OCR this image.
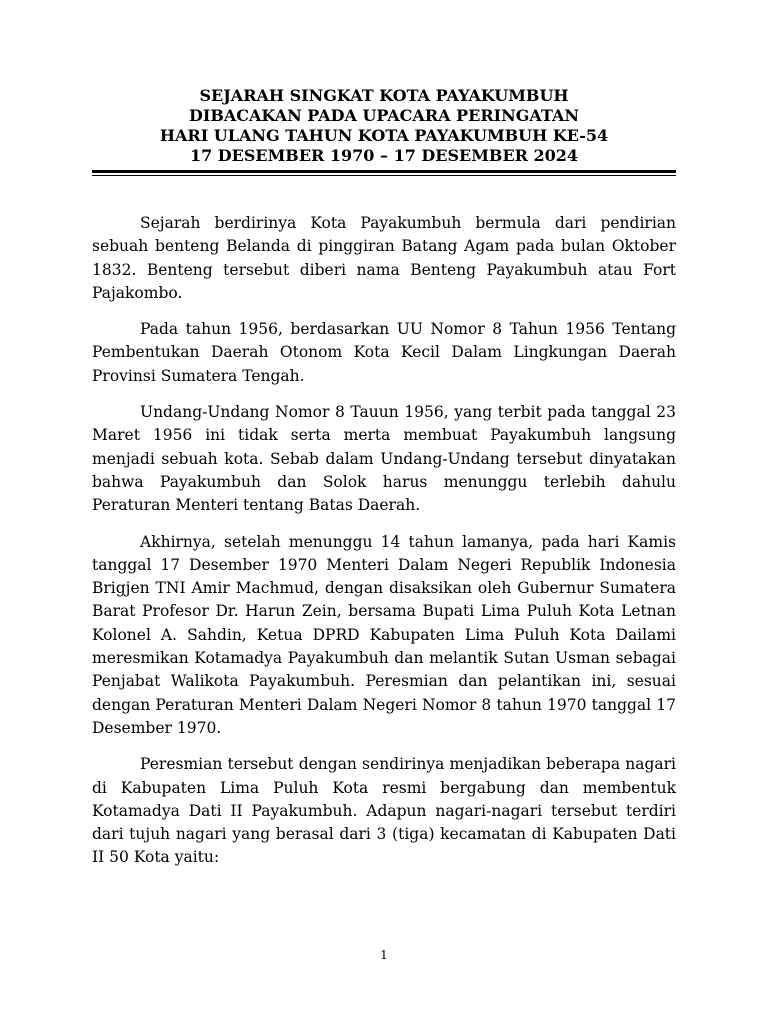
SEJARAH SINGKAT KOTA PAYAKUMBUH
DIBACAKAN PADA UPACARA PERINGATAN
HARI ULANG TAHUN KOTA PAYAKUMBUH KE-54
17 DESEMBER 1970 – 17 DESEMBER 2024

Sejarah berdirinya Kota Payakumbuh bermula dari pendirian sebuah benteng Belanda di pinggiran Batang Agam pada bulan Oktober 1832. Benteng tersebut diberi nama Benteng Payakumbuh atau Fort Pajakombo.

Pada tahun 1956, berdasarkan UU Nomor 8 Tahun 1956 Tentang Pembentukan Daerah Otonom Kota Kecil Dalam Lingkungan Daerah Provinsi Sumatera Tengah.

Undang-Undang Nomor 8 Tauun 1956, yang terbit pada tanggal 23 Maret 1956 ini tidak serta merta membuat Payakumbuh langsung menjadi sebuah kota. Sebab dalam Undang-Undang tersebut dinyatakan bahwa Payakumbuh dan Solok harus menunggu terlebih dahulu Peraturan Menteri tentang Batas Daerah.

Akhirnya, setelah menunggu 14 tahun lamanya, pada hari Kamis tanggal 17 Desember 1970 Menteri Dalam Negeri Republik Indonesia Brigjen TNI Amir Machmud, dengan disaksikan oleh Gubernur Sumatera Barat Profesor Dr. Harun Zein, bersama Bupati Lima Puluh Kota Letnan Kolonel A. Sahdin, Ketua DPRD Kabupaten Lima Puluh Kota Dailami meresmikan Kotamadya Payakumbuh dan melantik Sutan Usman sebagai Penjabat Walikota Payakumbuh. Peresmian dan pelantikan ini, sesuai dengan Peraturan Menteri Dalam Negeri Nomor 8 tahun 1970 tanggal 17 Desember 1970.

Peresmian tersebut dengan sendirinya menjadikan beberapa nagari di Kabupaten Lima Puluh Kota resmi bergabung dan membentuk Kotamadya Dati II Payakumbuh. Adapun nagari-nagari tersebut terdiri dari tujuh nagari yang berasal dari 3 (tiga) kecamatan di Kabupaten Dati II 50 Kota yaitu:

1
